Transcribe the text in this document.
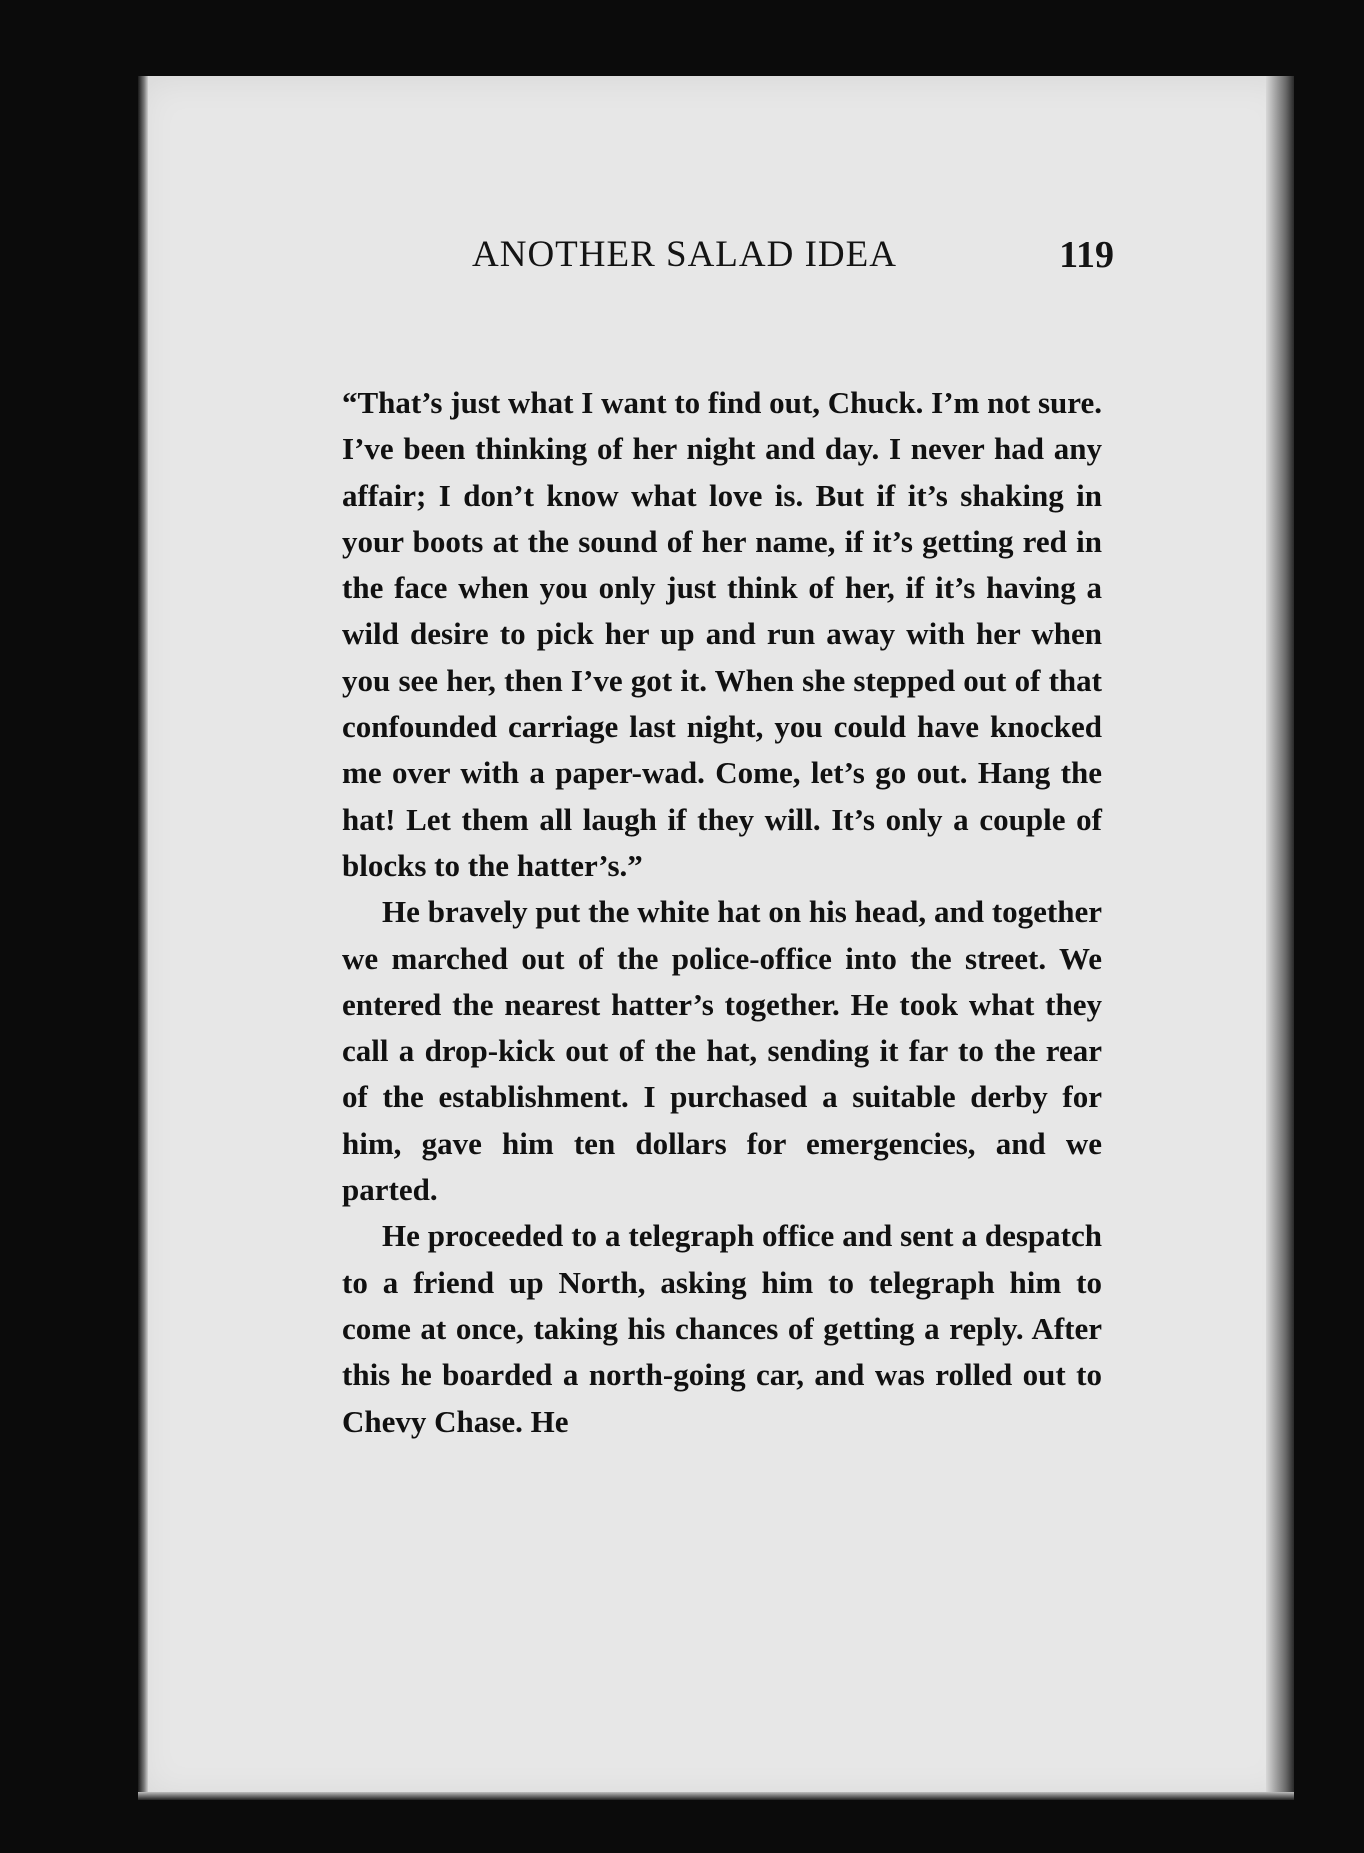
ANOTHER SALAD IDEA	119

“That’s just what I want to find out, Chuck. I’m not sure. I’ve been thinking of her night and day. I never had any affair; I don’t know what love is. But if it’s shaking in your boots at the sound of her name, if it’s getting red in the face when you only just think of her, if it’s having a wild desire to pick her up and run away with her when you see her, then I’ve got it. When she stepped out of that confounded carriage last night, you could have knocked me over with a paper-wad. Come, let’s go out. Hang the hat! Let them all laugh if they will. It’s only a couple of blocks to the hatter’s.”

He bravely put the white hat on his head, and together we marched out of the police-office into the street. We entered the nearest hatter’s together. He took what they call a drop-kick out of the hat, sending it far to the rear of the establishment. I purchased a suitable derby for him, gave him ten dollars for emergencies, and we parted.

He proceeded to a telegraph office and sent a despatch to a friend up North, asking him to telegraph him to come at once, taking his chances of getting a reply. After this he boarded a north-going car, and was rolled out to Chevy Chase. He
